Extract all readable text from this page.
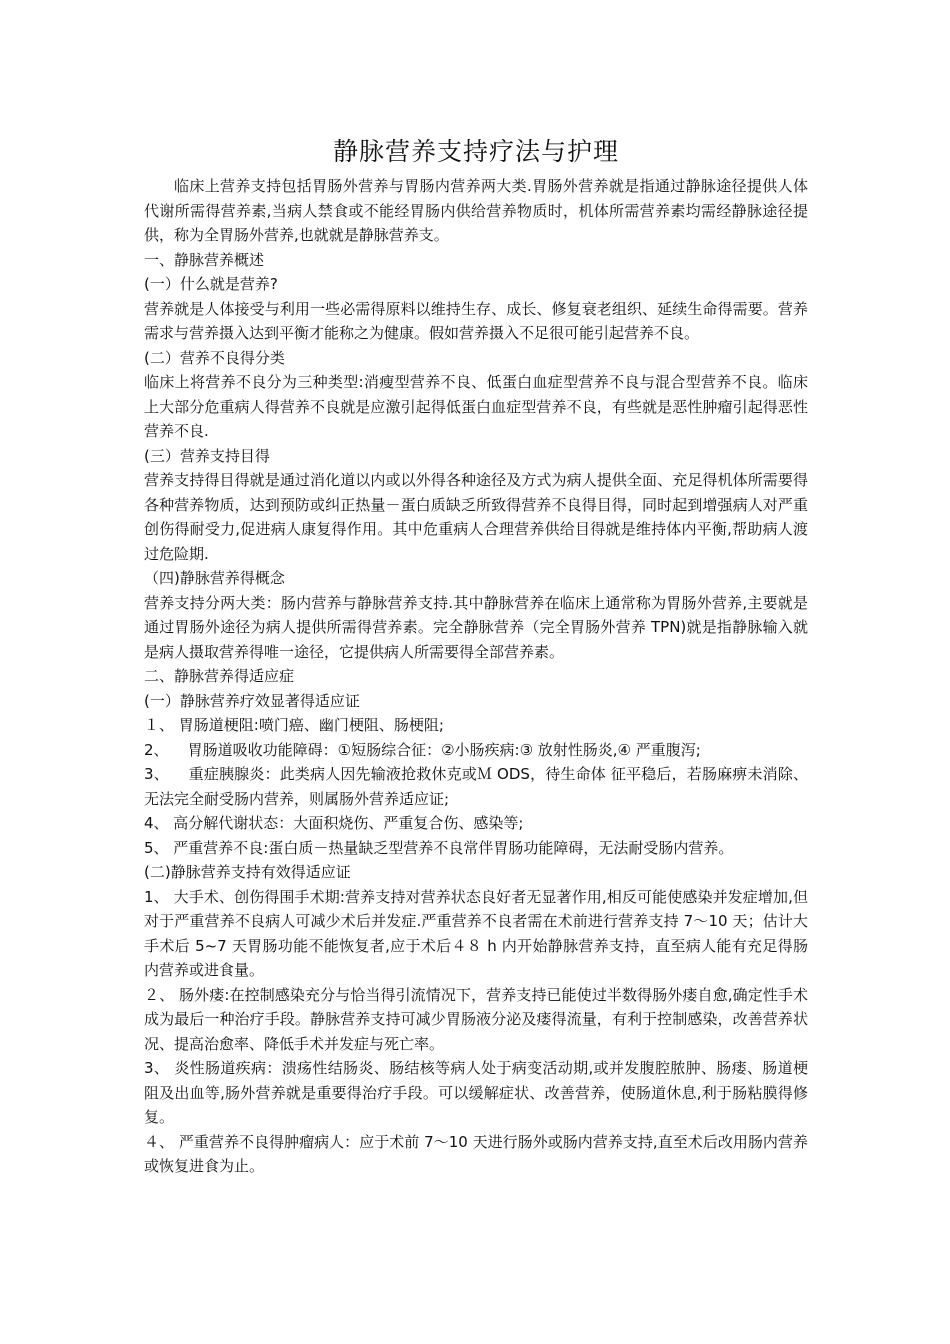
静脉营养支持疗法与护理

临床上营养支持包括胃肠外营养与胃肠内营养两大类.胃肠外营养就是指通过静脉途径提供人体代谢所需得营养素,当病人禁食或不能经胃肠内供给营养物质时，机体所需营养素均需经静脉途径提供，称为全胃肠外营养,也就就是静脉营养支。

一、静脉营养概述

(一）什么就是营养?

营养就是人体接受与利用一些必需得原料以维持生存、成长、修复衰老组织、延续生命得需要。营养需求与营养摄入达到平衡才能称之为健康。假如营养摄入不足很可能引起营养不良。

(二）营养不良得分类

临床上将营养不良分为三种类型:消瘦型营养不良、低蛋白血症型营养不良与混合型营养不良。临床上大部分危重病人得营养不良就是应激引起得低蛋白血症型营养不良，有些就是恶性肿瘤引起得恶性营养不良.

(三）营养支持目得

营养支持得目得就是通过消化道以内或以外得各种途径及方式为病人提供全面、充足得机体所需要得各种营养物质，达到预防或纠正热量－蛋白质缺乏所致得营养不良得目得，同时起到增强病人对严重创伤得耐受力,促进病人康复得作用。其中危重病人合理营养供给目得就是维持体内平衡,帮助病人渡过危险期.

（四)静脉营养得概念

营养支持分两大类：肠内营养与静脉营养支持.其中静脉营养在临床上通常称为胃肠外营养,主要就是通过胃肠外途径为病人提供所需得营养素。完全静脉营养（完全胃肠外营养 TPN)就是指静脉输入就是病人摄取营养得唯一途径，它提供病人所需要得全部营养素。

二、静脉营养得适应症

(一）静脉营养疗效显著得适应证

１、 胃肠道梗阻:喷门癌、幽门梗阻、肠梗阻;

2、    胃肠道吸收功能障碍：①短肠综合征：②小肠疾病:③ 放射性肠炎,④ 严重腹泻;

3、    重症胰腺炎：此类病人因先输液抢救休克或Ｍ ODS，待生命体 征平稳后，若肠麻痹未消除、无法完全耐受肠内营养，则属肠外营养适应证;

4、 高分解代谢状态：大面积烧伤、严重复合伤、感染等;

5、 严重营养不良:蛋白质－热量缺乏型营养不良常伴胃肠功能障碍，无法耐受肠内营养。

(二)静脉营养支持有效得适应证

1、 大手术、创伤得围手术期:营养支持对营养状态良好者无显著作用,相反可能使感染并发症增加,但对于严重营养不良病人可减少术后并发症.严重营养不良者需在术前进行营养支持 7～10 天；估计大手术后 5~7 天胃肠功能不能恢复者,应于术后４８ h 内开始静脉营养支持，直至病人能有充足得肠内营养或进食量。

２、 肠外瘘:在控制感染充分与恰当得引流情况下，营养支持已能使过半数得肠外瘘自愈,确定性手术成为最后一种治疗手段。静脉营养支持可减少胃肠液分泌及瘘得流量，有利于控制感染，改善营养状况、提高治愈率、降低手术并发症与死亡率。

3、 炎性肠道疾病：溃疡性结肠炎、肠结核等病人处于病变活动期,或并发腹腔脓肿、肠瘘、肠道梗阻及出血等,肠外营养就是重要得治疗手段。可以缓解症状、改善营养，使肠道休息,利于肠粘膜得修复。

４、 严重营养不良得肿瘤病人：应于术前 7～10 天进行肠外或肠内营养支持,直至术后改用肠内营养或恢复进食为止。
